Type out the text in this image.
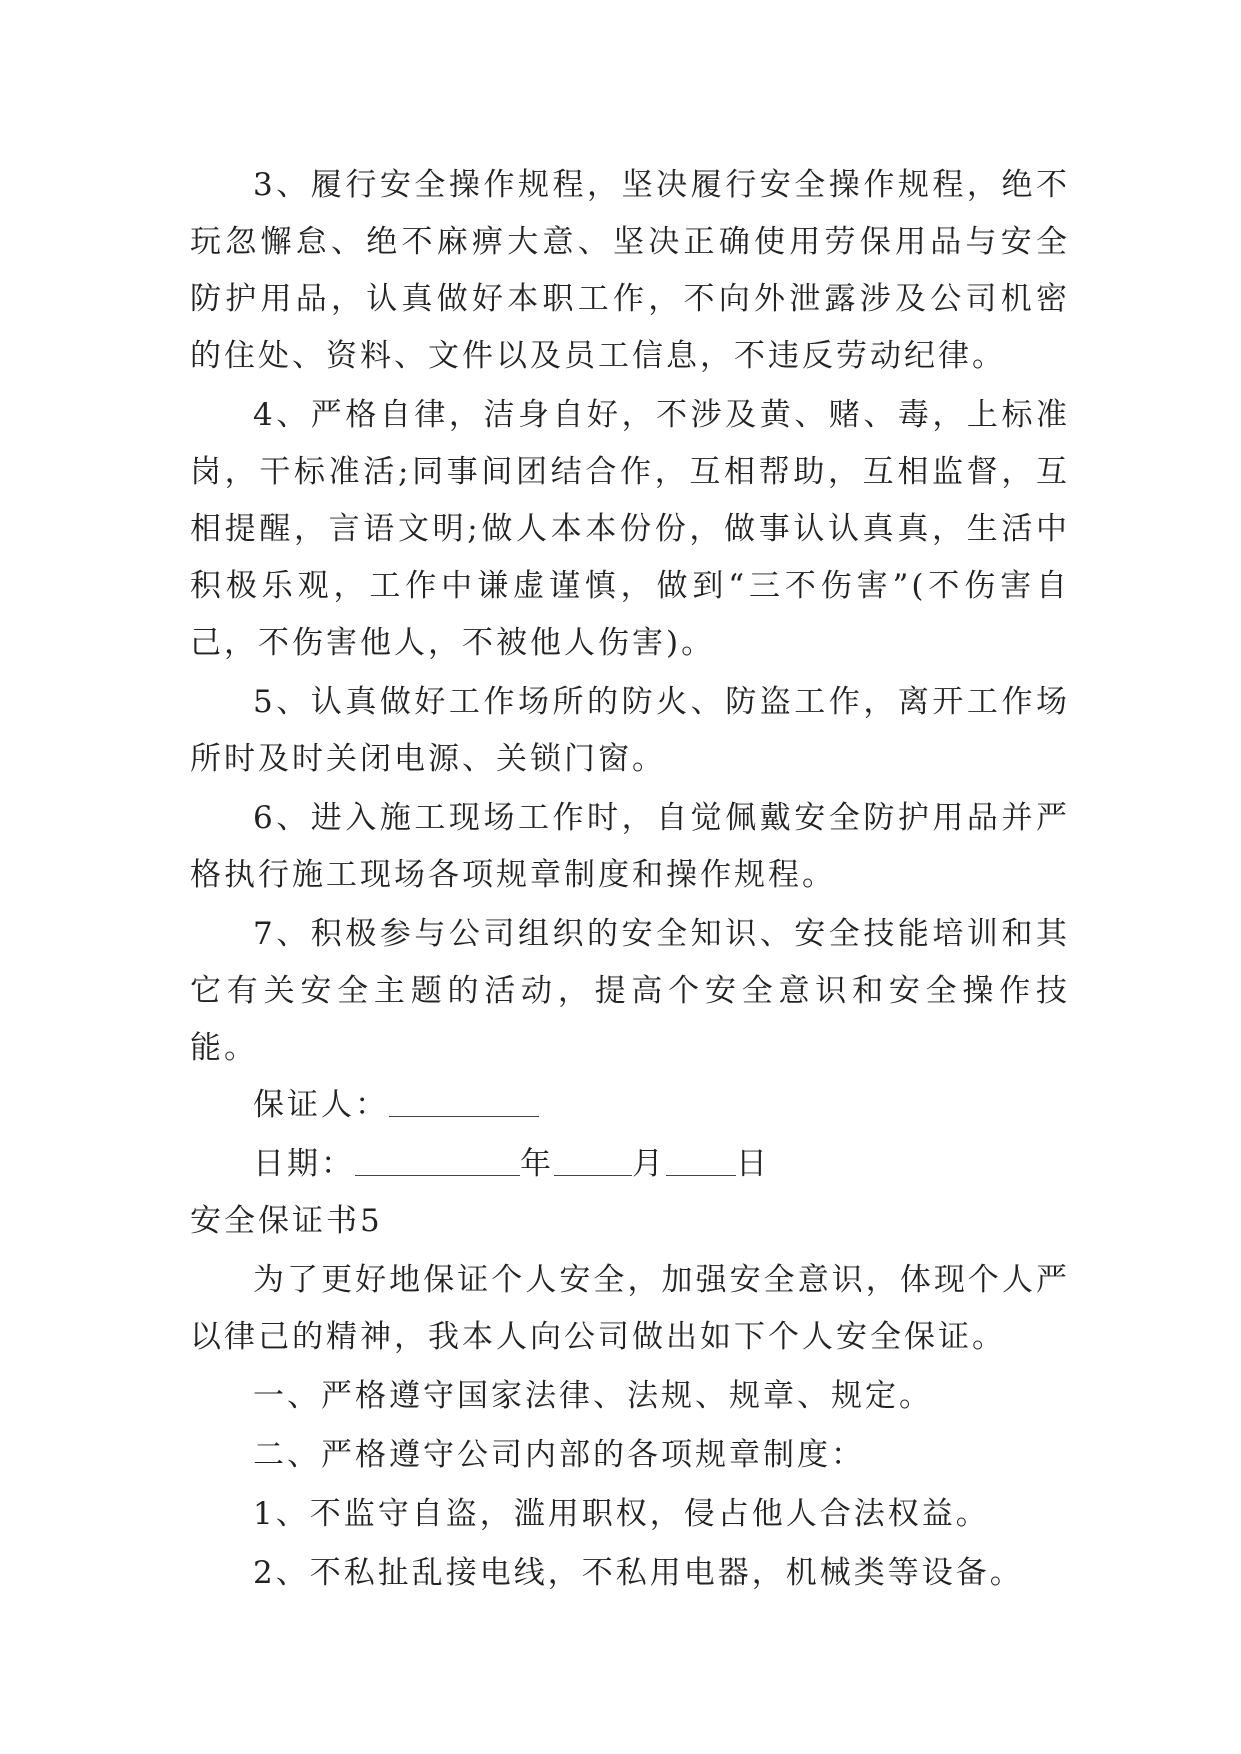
3、履行安全操作规程，坚决履行安全操作规程，绝不玩忽懈怠、绝不麻痹大意、坚决正确使用劳保用品与安全防护用品，认真做好本职工作，不向外泄露涉及公司机密的住处、资料、文件以及员工信息，不违反劳动纪律。

4、严格自律，洁身自好，不涉及黄、赌、毒，上标准岗，干标准活;同事间团结合作，互相帮助，互相监督，互相提醒，言语文明;做人本本份份，做事认认真真，生活中积极乐观，工作中谦虚谨慎，做到“三不伤害”(不伤害自己，不伤害他人，不被他人伤害)。

5、认真做好工作场所的防火、防盗工作，离开工作场所时及时关闭电源、关锁门窗。

6、进入施工现场工作时，自觉佩戴安全防护用品并严格执行施工现场各项规章制度和操作规程。

7、积极参与公司组织的安全知识、安全技能培训和其它有关安全主题的活动，提高个安全意识和安全操作技能。

保证人：

日期：	年	月 日

安全保证书5

为了更好地保证个人安全，加强安全意识，体现个人严以律己的精神，我本人向公司做出如下个人安全保证。

一、严格遵守国家法律、法规、规章、规定。

二、严格遵守公司内部的各项规章制度：

1、不监守自盗，滥用职权，侵占他人合法权益。

2、不私扯乱接电线，不私用电器，机械类等设备。
